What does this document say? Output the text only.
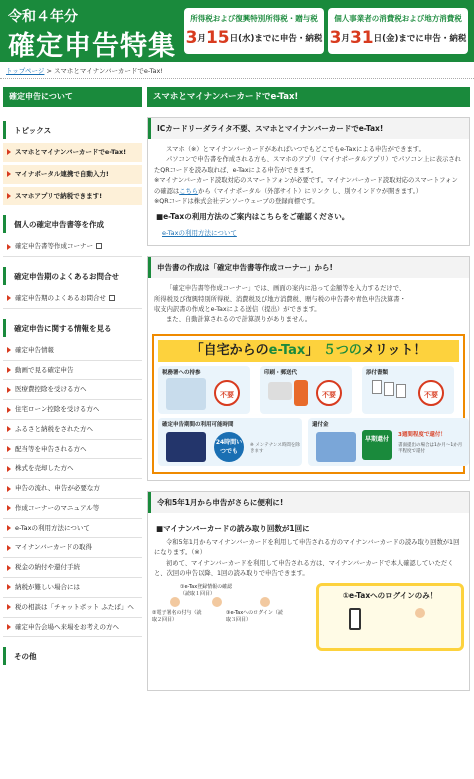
令和４年分
確定申告特集
所得税および復興特別所得税・贈与税
3月15日(水)までに申告・納税
個人事業者の消費税および地方消費税
3月31日(金)までに申告・納税
トップページ > スマホとマイナンバーカードでe-Tax!
確定申告について
トピックス
スマホとマイナンバーカードでe-Tax!
マイナポータル連携で自動入力!
スマホアプリで納税できます!
個人の確定申告書等を作成
確定申告書等作成コーナー
確定申告期のよくあるお問合せ
確定申告期のよくあるお問合せ
確定申告に関する情報を見る
確定申告情報
動画で見る確定申告
医療費控除を受ける方へ
住宅ローン控除を受ける方へ
ふるさと納税をされた方へ
配当等を申告される方へ
株式を売却した方へ
申告の流れ、申告が必要な方
作成コーナーのマニュアル等
e-Taxの利用方法について
マイナンバーカードの取得
税金の納付や還付手続
納税が難しい場合には
税の相談は「チャットボット ふたば」へ
確定申告会場へ来場をお考えの方へ
その他
スマホとマイナンバーカードでe-Tax!
ICカードリーダライタ不要、スマホとマイナンバーカードでe-Tax!
スマホ（※）とマイナンバーカードがあればいつでもどこでもe-Taxによる申告ができます。
パソコンで申告書を作成される方も、スマホのアプリ（マイナポータルアプリ）でパソコン上に表示されたQRコードを読み取れば、e-Taxによる申告ができます。
※マイナンバーカード読取対応のスマートフォンが必要です。マイナンバーカード読取対応のスマートフォンの確認はこちらから（マイナポータル（外部サイト）にリンク し、別ウインドウが開きます。）
※QRコードは株式会社デンソーウェーブの登録商標です。
■e-Taxの利用方法のご案内はこちらをご確認ください。
e-Taxの利用方法について
申告書の作成は「確定申告書等作成コーナー」から!
「確定申告書等作成コーナー」では、画面の案内に沿って金額等を入力するだけで、所得税及び復興特別所得税、消費税及び地方消費税、贈与税の申告書や青色申告決算書・収支内訳書の作成とe-Taxによる送信（提出）ができます。
また、自動計算されるので計算誤りがありません。
「自宅からのe-Tax」 ５つのメリット！
税務署への持参
不要
印刷・郵送代
不要
添付書類
不要
確定申告期間の利用可能時間
24時間いつでも
※ メンテナンス時間を除きます
還付金
早期還付
3週間程度で還付！
書面提出の場合は1か月～1か月半程度で還付
令和5年1月から申告がさらに便利に!
■マイナンバーカードの読み取り回数が1回に
令和5年1月からマイナンバーカードを利用して申告される方のマイナンバーカードの読み取り回数が1回になります。（※）
初めて、マイナンバーカードを利用して申告される方は、マイナンバーカードで本人確認していただくと、次回の申告以降、1回の読み取りで申告できます。
①e-Tax登録情報の確認（読取１回目）
②電子署名の付与（読取２回目）
③e-Taxへのログイン（読取３回目）
①e-Taxへのログインのみ！
